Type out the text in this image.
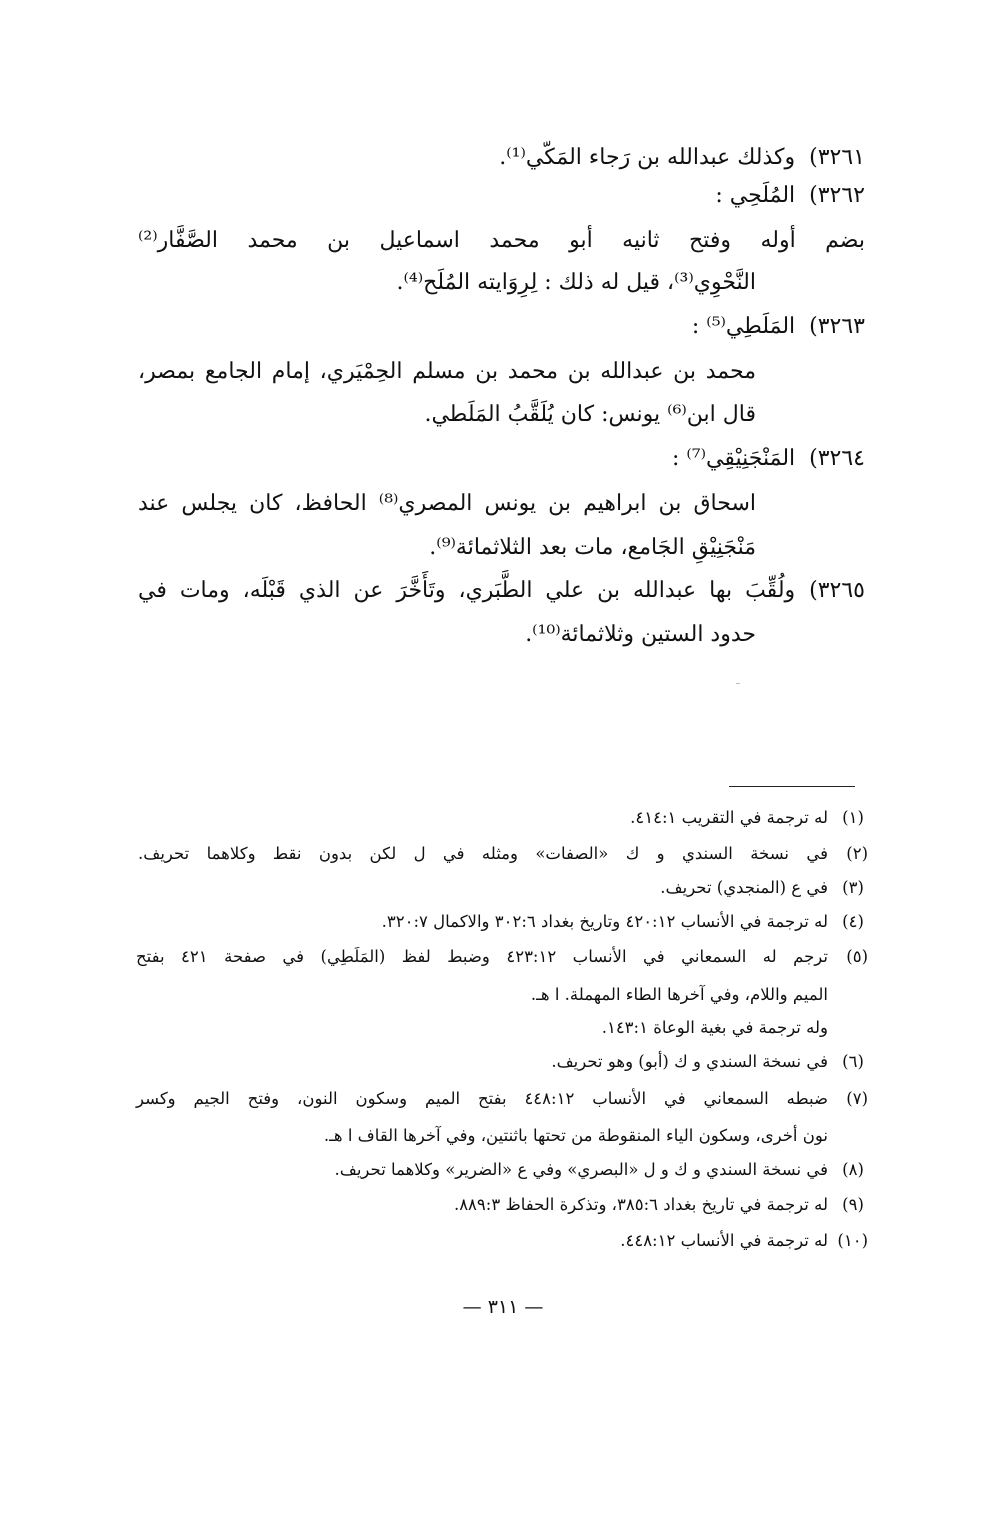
٣٢٦١)وكذلك عبدالله بن رَجاء المَكّي⁽¹⁾.
٣٢٦٢)المُلَحِي :
بضم أوله وفتح ثانيه أبو محمد اسماعيل بن محمد الصَّفَّار⁽²⁾
النَّحْوِي⁽³⁾، قيل له ذلك : لِرِوَايته المُلَح⁽⁴⁾.
٣٢٦٣)المَلَطِي⁽⁵⁾ :
محمد بن عبدالله بن محمد بن مسلم الحِمْيَري، إمام الجامع بمصر،
قال ابن⁽⁶⁾ يونس: كان يُلَقَّبُ المَلَطي.
٣٢٦٤)المَنْجَنِيْقِي⁽⁷⁾ :
اسحاق بن ابراهيم بن يونس المصري⁽⁸⁾ الحافظ، كان يجلس عند
مَنْجَنِيْقِ الجَامع، مات بعد الثلاثمائة⁽⁹⁾.
٣٢٦٥)ولُقِّبَ بها عبدالله بن علي الطَّبَري، وتَأَخَّرَ عن الذي قَبْلَه، ومات في
حدود الستين وثلاثمائة⁽¹⁰⁾.
(١)له ترجمة في التقريب ٤١٤:١.
(٢)في نسخة السندي و ك «الصفات» ومثله في ل لكن بدون نقط وكلاهما تحريف.
(٣)في ع (المنجدي) تحريف.
(٤)له ترجمة في الأنساب ٤٢٠:١٢ وتاريخ بغداد ٣٠٢:٦ والاكمال ٣٢٠:٧.
(٥)ترجم له السمعاني في الأنساب ٤٢٣:١٢ وضبط لفظ (المَلَطِي) في صفحة ٤٢١ بفتح
الميم واللام، وفي آخرها الطاء المهملة. ا هـ.
وله ترجمة في بغية الوعاة ١٤٣:١.
(٦)في نسخة السندي و ك (أبو) وهو تحريف.
(٧)ضبطه السمعاني في الأنساب ٤٤٨:١٢ بفتح الميم وسكون النون، وفتح الجيم وكسر
نون أخرى، وسكون الياء المنقوطة من تحتها باثنتين، وفي آخرها القاف ا هـ.
(٨)في نسخة السندي و ك و ل «البصري» وفي ع «الضرير» وكلاهما تحريف.
(٩)له ترجمة في تاريخ بغداد ٣٨٥:٦، وتذكرة الحفاظ ٨٨٩:٣.
(١٠)له ترجمة في الأنساب ٤٤٨:١٢.
— ٣١١ —
